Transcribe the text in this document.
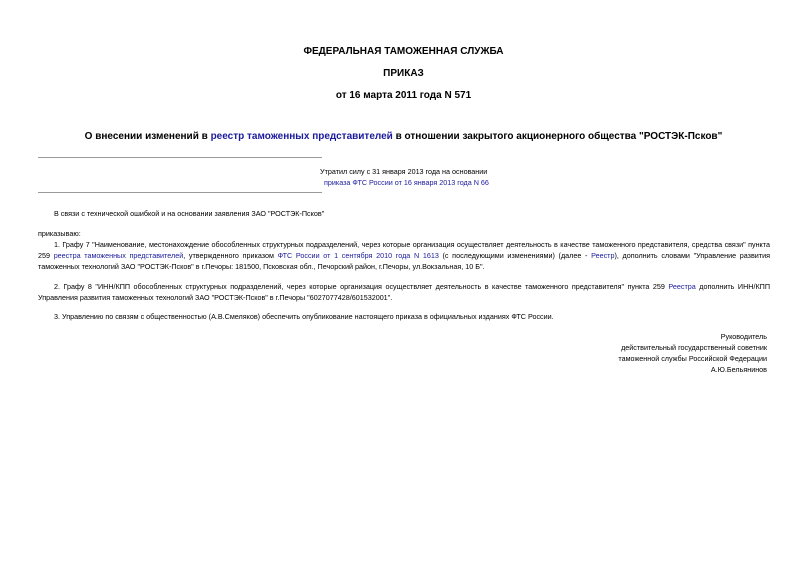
ФЕДЕРАЛЬНАЯ ТАМОЖЕННАЯ СЛУЖБА
ПРИКАЗ
от 16 марта 2011 года N 571
О внесении изменений в реестр таможенных представителей в отношении закрытого акционерного общества "РОСТЭК-Псков"
Утратил силу с 31 января 2013 года на основании
приказа ФТС России от 16 января 2013 года N 66
В связи с технической ошибкой и на основании заявления ЗАО "РОСТЭК-Псков"
приказываю:
1. Графу 7 "Наименование, местонахождение обособленных структурных подразделений, через которые организация осуществляет деятельность в качестве таможенного представителя, средства связи" пункта 259 реестра таможенных представителей, утвержденного приказом ФТС России от 1 сентября 2010 года N 1613 (с последующими изменениями) (далее - Реестр), дополнить словами "Управление развития таможенных технологий ЗАО "РОСТЭК-Псков" в г.Печоры: 181500, Псковская обл., Печорский район, г.Печоры, ул.Вокзальная, 10 Б".
2. Графу 8 "ИНН/КПП обособленных структурных подразделений, через которые организация осуществляет деятельность в качестве таможенного представителя" пункта 259 Реестра дополнить ИНН/КПП Управления развития таможенных технологий ЗАО "РОСТЭК-Псков" в г.Печоры "6027077428/601532001".
3. Управлению по связям с общественностью (А.В.Смеляков) обеспечить опубликование настоящего приказа в официальных изданиях ФТС России.
Руководитель
действительный государственный советник
таможенной службы Российской Федерации
А.Ю.Бельянинов
